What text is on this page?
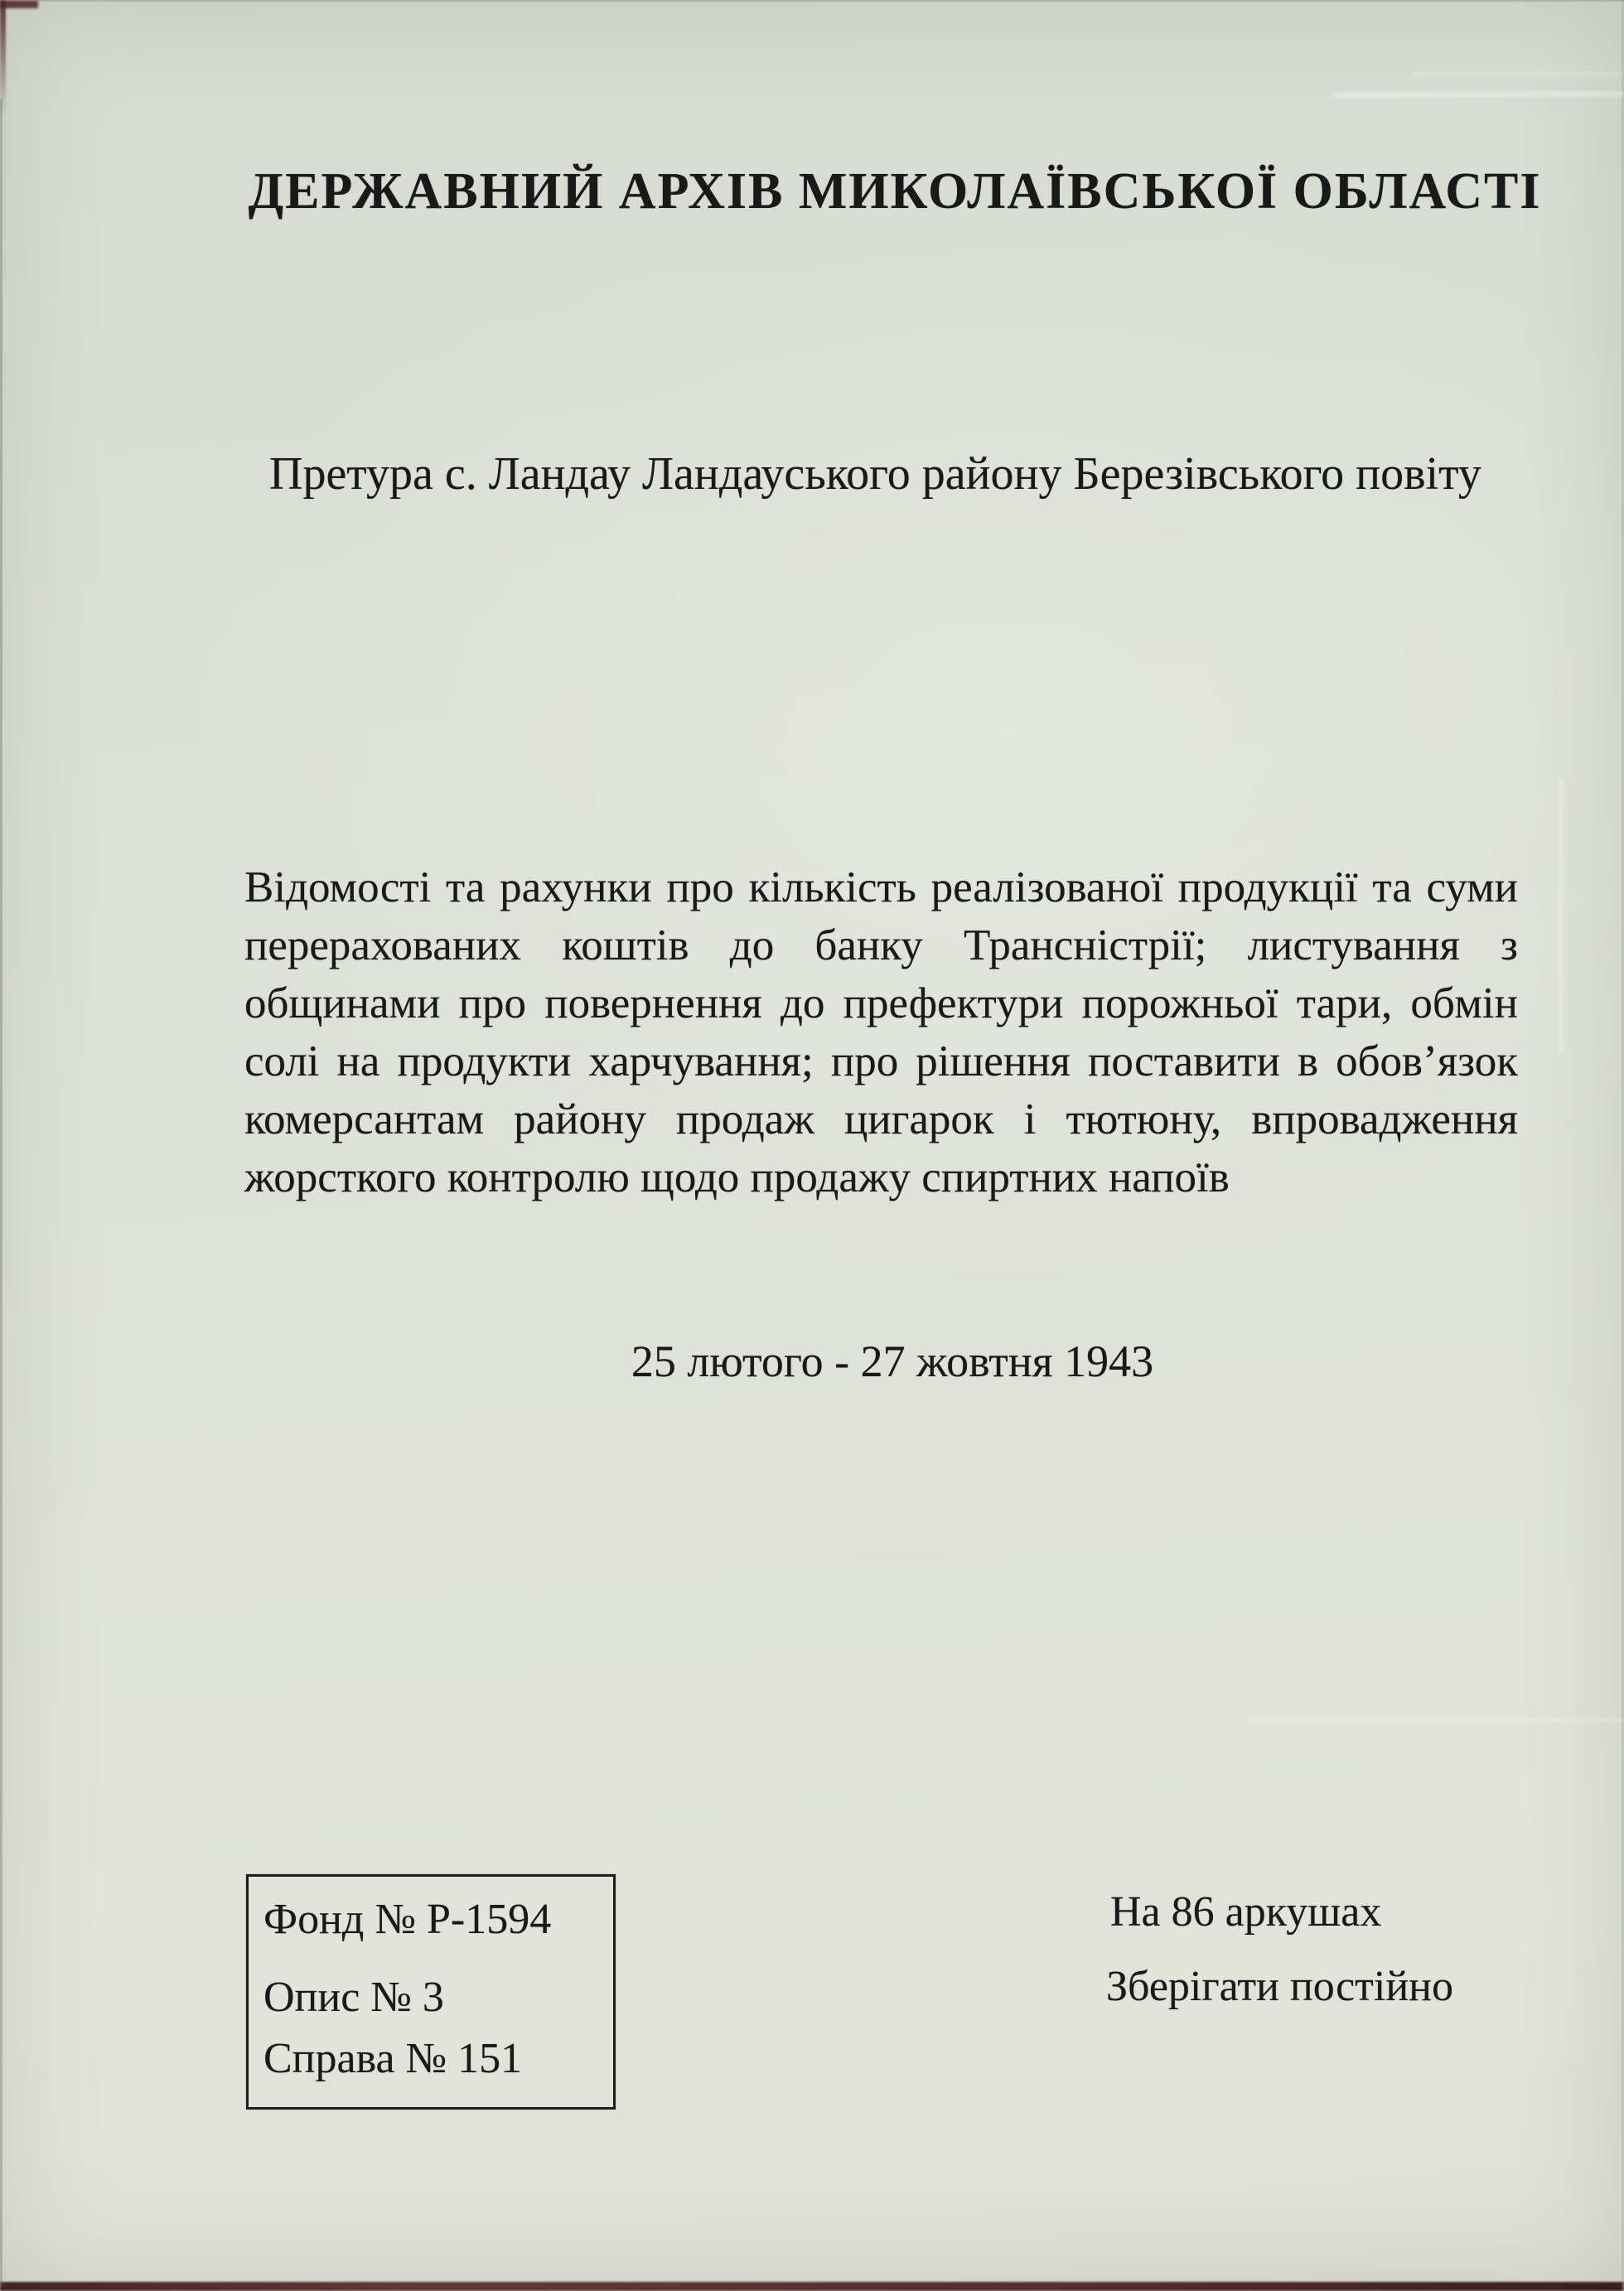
ДЕРЖАВНИЙ АРХІВ МИКОЛАЇВСЬКОЇ ОБЛАСТІ
Претура с. Ландау Ландауського району Березівського повіту
Відомості та рахунки про кількість реалізованої продукції та суми перерахованих коштів до банку Трансністрії; листування з общинами про повернення до префектури порожньої тари, обмін солі на продукти харчування; про рішення поставити в обов’язок комерсантам району продаж цигарок і тютюну, впровадження жорсткого контролю щодо продажу спиртних напоїв
25 лютого - 27 жовтня 1943
Фонд № Р-1594
Опис № 3
Справа № 151
На 86 аркушах
Зберігати постійно
